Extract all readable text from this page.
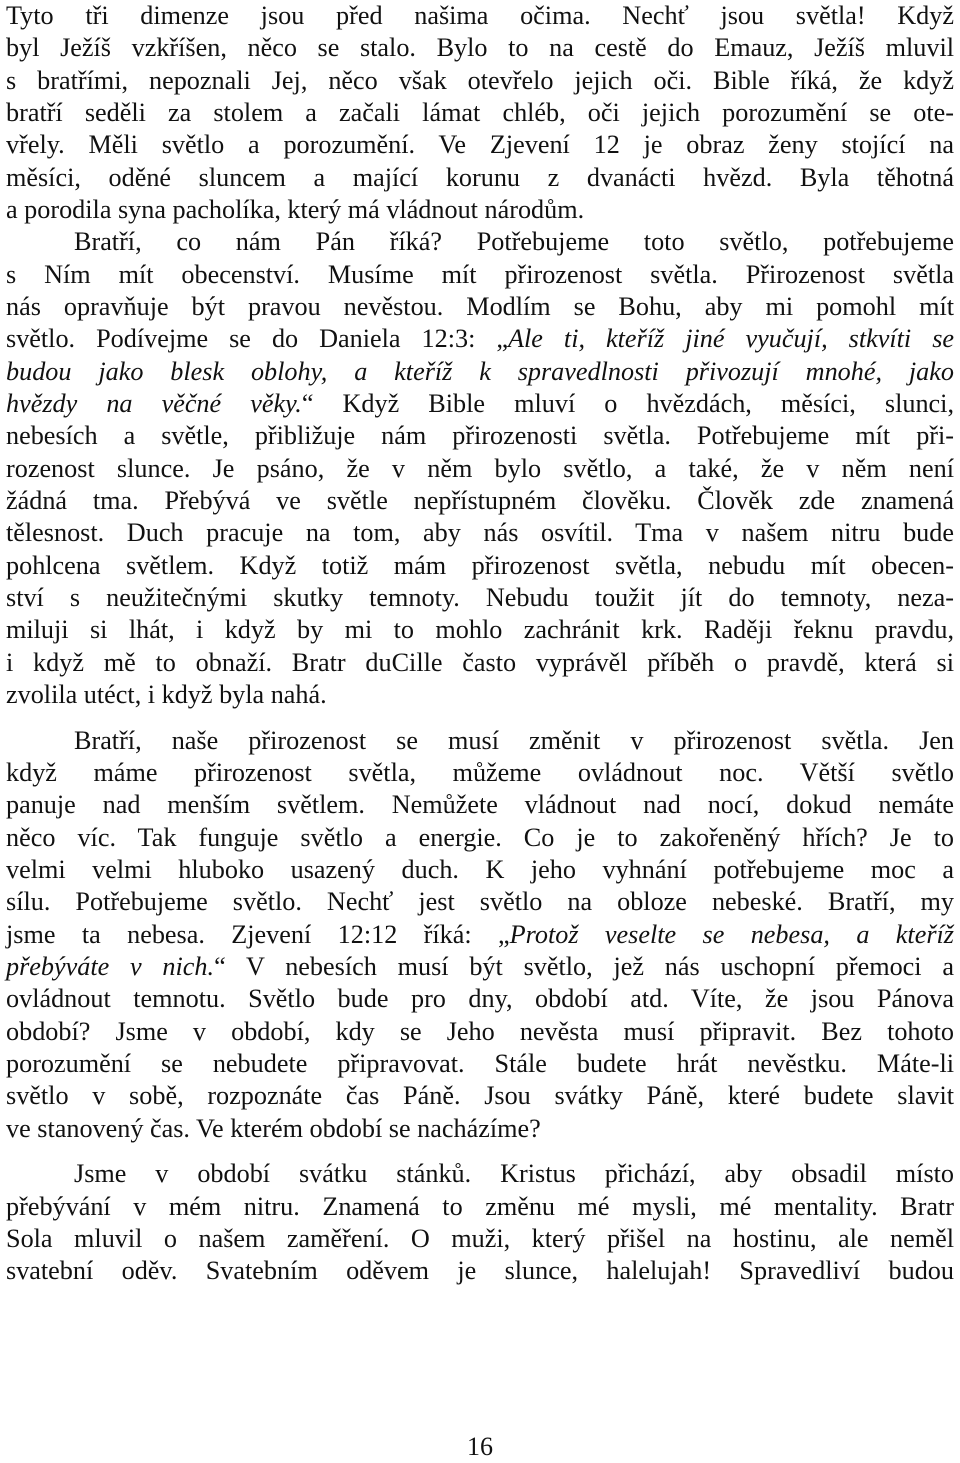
Tyto tři dimenze jsou před našima očima. Nechť jsou světla! Když
byl Ježíš vzkříšen, něco se stalo. Bylo to na cestě do Emauz, Ježíš mluvil
s bratřími, nepoznali Jej, něco však otevřelo jejich oči. Bible říká, že když
bratří seděli za stolem a začali lámat chléb, oči jejich porozumění se ote-
vřely. Měli světlo a porozumění. Ve Zjevení 12 je obraz ženy stojící na
měsíci, oděné sluncem a mající korunu z dvanácti hvězd. Byla těhotná
a porodila syna pacholíka, který má vládnout národům.
Bratří, co nám Pán říká? Potřebujeme toto světlo, potřebujeme
s Ním mít obecenství. Musíme mít přirozenost světla. Přirozenost světla
nás opravňuje být pravou nevěstou. Modlím se Bohu, aby mi pomohl mít
světlo. Podívejme se do Daniela 12:3: „Ale ti, kteříž jiné vyučují, stkvíti se
budou jako blesk oblohy, a kteříž k spravedlnosti přivozují mnohé, jako
hvězdy na věčné věky.“ Když Bible mluví o hvězdách, měsíci, slunci,
nebesích a světle, přibližuje nám přirozenosti světla. Potřebujeme mít při-
rozenost slunce. Je psáno, že v něm bylo světlo, a také, že v něm není
žádná tma. Přebývá ve světle nepřístupném člověku. Člověk zde znamená
tělesnost. Duch pracuje na tom, aby nás osvítil. Tma v našem nitru bude
pohlcena světlem. Když totiž mám přirozenost světla, nebudu mít obecen-
ství s neužitečnými skutky temnoty. Nebudu toužit jít do temnoty, neza-
miluji si lhát, i když by mi to mohlo zachránit krk. Raději řeknu pravdu,
i když mě to obnaží. Bratr duCille často vyprávěl příběh o pravdě, která si
zvolila utéct, i když byla nahá.
Bratří, naše přirozenost se musí změnit v přirozenost světla. Jen
když máme přirozenost světla, můžeme ovládnout noc. Větší světlo
panuje nad menším světlem. Nemůžete vládnout nad nocí, dokud nemáte
něco víc. Tak funguje světlo a energie. Co je to zakořeněný hřích? Je to
velmi velmi hluboko usazený duch. K jeho vyhnání potřebujeme moc a
sílu. Potřebujeme světlo. Nechť jest světlo na obloze nebeské. Bratří, my
jsme ta nebesa. Zjevení 12:12 říká: „Protož veselte se nebesa, a kteříž
přebýváte v nich.“ V nebesích musí být světlo, jež nás uschopní přemoci a
ovládnout temnotu. Světlo bude pro dny, období atd. Víte, že jsou Pánova
období? Jsme v období, kdy se Jeho nevěsta musí připravit. Bez tohoto
porozumění se nebudete připravovat. Stále budete hrát nevěstku. Máte-li
světlo v sobě, rozpoznáte čas Páně. Jsou svátky Páně, které budete slavit
ve stanovený čas. Ve kterém období se nacházíme?
Jsme v období svátku stánků. Kristus přichází, aby obsadil místo
přebývání v mém nitru. Znamená to změnu mé mysli, mé mentality. Bratr
Sola mluvil o našem zaměření. O muži, který přišel na hostinu, ale neměl
svatební oděv. Svatebním oděvem je slunce, halelujah! Spravedliví budou
16
